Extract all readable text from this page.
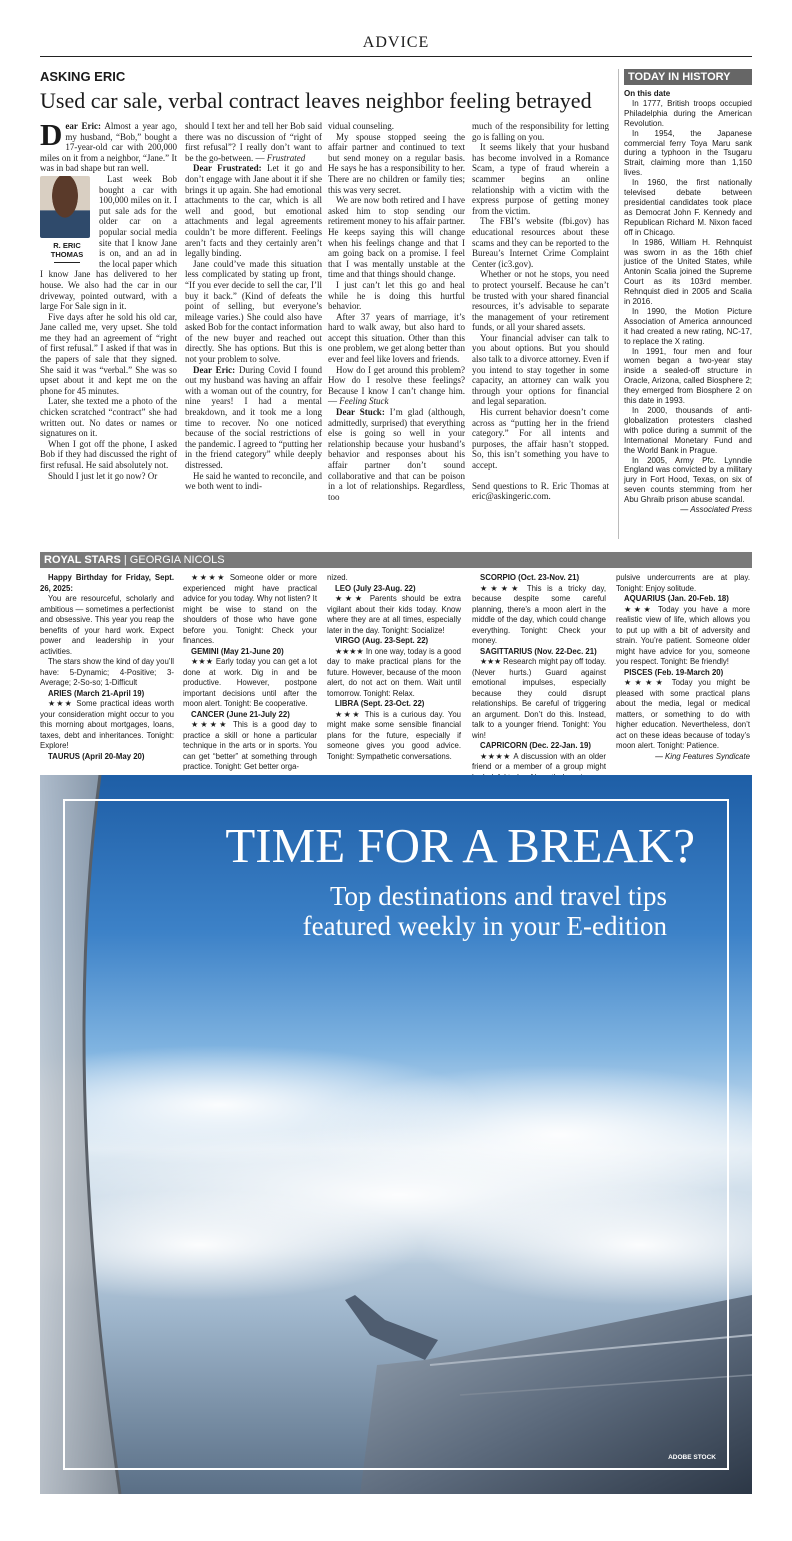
ADVICE
ASKING ERIC
Used car sale, verbal contract leaves neighbor feeling betrayed

Dear Eric: Almost a year ago, my husband, “Bob,” bought a 17-year-old car with 200,000 miles on it from a neighbor, “Jane.” It was in bad shape but ran well.

R. ERIC
THOMAS

Last week Bob bought a car with 100,000 miles on it. I put sale ads for the older car on a popular social media site that I know Jane is on, and an ad in the local paper which I know Jane has delivered to her house. We also had the car in our driveway, pointed outward, with a large For Sale sign in it.

Five days after he sold his old car, Jane called me, very upset. She told me they had an agreement of “right of first refusal.” I asked if that was in the papers of sale that they signed. She said it was “verbal.” She was so upset about it and kept me on the phone for 45 minutes.

Later, she texted me a photo of the chicken scratched “contract” she had written out. No dates or names or signatures on it.

When I got off the phone, I asked Bob if they had discussed the right of first refusal. He said absolutely not.

Should I just let it go now? Or

should I text her and tell her Bob said there was no discussion of “right of first refusal”? I really don’t want to be the go-between. — Frustrated

Dear Frustrated: Let it go and don’t engage with Jane about it if she brings it up again. She had emotional attachments to the car, which is all well and good, but emotional attachments and legal agreements couldn’t be more different. Feelings aren’t facts and they certainly aren’t legally binding.

Jane could’ve made this situation less complicated by stating up front, “If you ever decide to sell the car, I’ll buy it back.” (Kind of defeats the point of selling, but everyone’s mileage varies.) She could also have asked Bob for the contact information of the new buyer and reached out directly. She has options. But this is not your problem to solve.

Dear Eric: During Covid I found out my husband was having an affair with a woman out of the country, for nine years! I had a mental breakdown, and it took me a long time to recover. No one noticed because of the social restrictions of the pandemic. I agreed to “putting her in the friend category” while deeply distressed.

He said he wanted to reconcile, and we both went to indi-

vidual counseling.

My spouse stopped seeing the affair partner and continued to text but send money on a regular basis. He says he has a responsibility to her. There are no children or family ties; this was very secret.

We are now both retired and I have asked him to stop sending our retirement money to his affair partner. He keeps saying this will change when his feelings change and that I am going back on a promise. I feel that I was mentally unstable at the time and that things should change.

I just can’t let this go and heal while he is doing this hurtful behavior.

After 37 years of marriage, it’s hard to walk away, but also hard to accept this situation. Other than this one problem, we get along better than ever and feel like lovers and friends.

How do I get around this problem? How do I resolve these feelings? Because I know I can’t change him. — Feeling Stuck

Dear Stuck: I’m glad (although, admittedly, surprised) that everything else is going so well in your relationship because your husband’s behavior and responses about his affair partner don’t sound collaborative and that can be poison in a lot of relationships. Regardless, too

much of the responsibility for letting go is falling on you.

It seems likely that your husband has become involved in a Romance Scam, a type of fraud wherein a scammer begins an online relationship with a victim with the express purpose of getting money from the victim.

The FBI’s website (fbi.gov) has educational resources about these scams and they can be reported to the Bureau’s Internet Crime Complaint Center (ic3.gov).

Whether or not he stops, you need to protect yourself. Because he can’t be trusted with your shared financial resources, it’s advisable to separate the management of your retirement funds, or all your shared assets.

Your financial adviser can talk to you about options. But you should also talk to a divorce attorney. Even if you intend to stay together in some capacity, an attorney can walk you through your options for financial and legal separation.

His current behavior doesn’t come across as “putting her in the friend category.” For all intents and purposes, the affair hasn’t stopped. So, this isn’t something you have to accept.

Send questions to R. Eric Thomas at eric@askingeric.com.

TODAY IN HISTORY

On this date

In 1777, British troops occupied Philadelphia during the American Revolution.

In 1954, the Japanese commercial ferry Toya Maru sank during a typhoon in the Tsugaru Strait, claiming more than 1,150 lives.

In 1960, the first nationally televised debate between presidential candidates took place as Democrat John F. Kennedy and Republican Richard M. Nixon faced off in Chicago.

In 1986, William H. Rehnquist was sworn in as the 16th chief justice of the United States, while Antonin Scalia joined the Supreme Court as its 103rd member. Rehnquist died in 2005 and Scalia in 2016.

In 1990, the Motion Picture Association of America announced it had created a new rating, NC-17, to replace the X rating.

In 1991, four men and four women began a two-year stay inside a sealed-off structure in Oracle, Arizona, called Biosphere 2; they emerged from Biosphere 2 on this date in 1993.

In 2000, thousands of anti-globalization protesters clashed with police during a summit of the International Monetary Fund and the World Bank in Prague.

In 2005, Army Pfc. Lynndie England was convicted by a military jury in Fort Hood, Texas, on six of seven counts stemming from her Abu Ghraib prison abuse scandal.

— Associated Press

ROYAL STARS | GEORGIA NICOLS

Happy Birthday for Friday, Sept. 26, 2025:

You are resourceful, scholarly and ambitious — sometimes a perfectionist and obsessive. This year you reap the benefits of your hard work. Expect power and leadership in your activities.

The stars show the kind of day you’ll have: 5-Dynamic; 4-Positive; 3-Average; 2-So-so; 1-Difficult

ARIES (March 21-April 19)

★★★ Some practical ideas worth your consideration might occur to you this morning about mortgages, loans, taxes, debt and inheritances. Tonight: Explore!

TAURUS (April 20-May 20)

★★★★ Someone older or more experienced might have practical advice for you today. Why not listen? It might be wise to stand on the shoulders of those who have gone before you. Tonight: Check your finances.

GEMINI (May 21-June 20)

★★★ Early today you can get a lot done at work. Dig in and be productive. However, postpone important decisions until after the moon alert. Tonight: Be cooperative.

CANCER (June 21-July 22)

★★★★ This is a good day to practice a skill or hone a particular technique in the arts or in sports. You can get “better” at something through practice. Tonight: Get better orga-

nized.

LEO (July 23-Aug. 22)

★★★ Parents should be extra vigilant about their kids today. Know where they are at all times, especially later in the day. Tonight: Socialize!

VIRGO (Aug. 23-Sept. 22)

★★★★ In one way, today is a good day to make practical plans for the future. However, because of the moon alert, do not act on them. Wait until tomorrow. Tonight: Relax.

LIBRA (Sept. 23-Oct. 22)

★★★ This is a curious day. You might make some sensible financial plans for the future, especially if someone gives you good advice. Tonight: Sympathetic conversations.

SCORPIO (Oct. 23-Nov. 21)

★★★★ This is a tricky day, because despite some careful planning, there’s a moon alert in the middle of the day, which could change everything. Tonight: Check your money.

SAGITTARIUS (Nov. 22-Dec. 21)

★★★ Research might pay off today. (Never hurts.) Guard against emotional impulses, especially because they could disrupt relationships. Be careful of triggering an argument. Don’t do this. Instead, talk to a younger friend. Tonight: You win!

CAPRICORN (Dec. 22-Jan. 19)

★★★★ A discussion with an older friend or a member of a group might

pulsive undercurrents are at play. Tonight: Enjoy solitude.

AQUARIUS (Jan. 20-Feb. 18)

★★★ Today you have a more realistic view of life, which allows you to put up with a bit of adversity and strain. You’re patient. Someone older might have advice for you, someone you respect. Tonight: Be friendly!

PISCES (Feb. 19-March 20)

★★★★ Today you might be pleased with some practical plans about the media, legal or medical matters, or something to do with higher education. Nevertheless, don’t act on these ideas because of today’s moon alert. Tonight: Patience.

— King Features Syndicate

TIME FOR A BREAK?
Top destinations and travel tips
featured weekly in your E-edition
ADOBE STOCK
